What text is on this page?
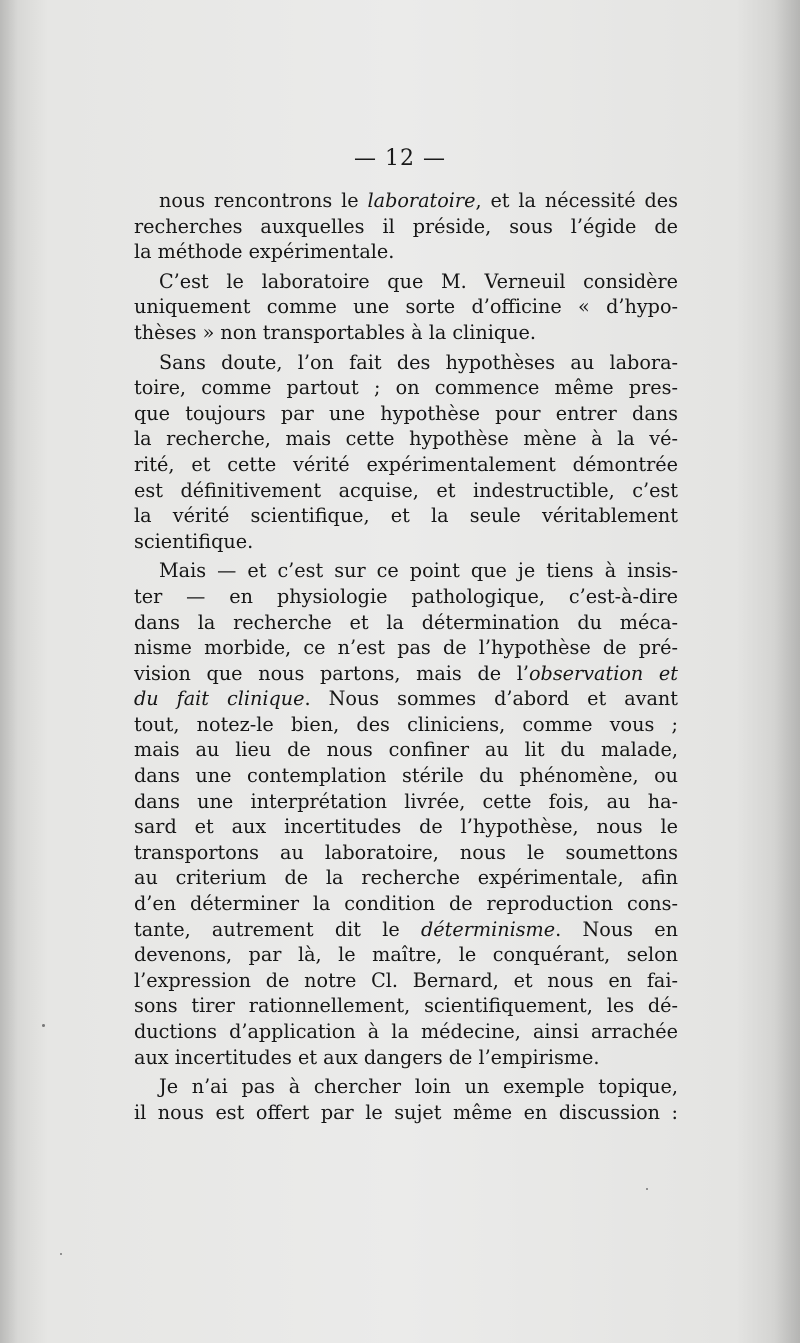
— 12 —
nous rencontrons le laboratoire, et la nécessité des
recherches auxquelles il préside, sous l’égide de
la méthode expérimentale.
C’est le laboratoire que M. Verneuil considère
uniquement comme une sorte d’officine « d’hypo-
thèses » non transportables à la clinique.
Sans doute, l’on fait des hypothèses au labora-
toire, comme partout ; on commence même pres-
que toujours par une hypothèse pour entrer dans
la recherche, mais cette hypothèse mène à la vé-
rité, et cette vérité expérimentalement démontrée
est définitivement acquise, et indestructible, c’est
la vérité scientifique, et la seule véritablement
scientifique.
Mais — et c’est sur ce point que je tiens à insis-
ter — en physiologie pathologique, c’est-à-dire
dans la recherche et la détermination du méca-
nisme morbide, ce n’est pas de l’hypothèse de pré-
vision que nous partons, mais de l’observation et
du fait clinique. Nous sommes d’abord et avant
tout, notez-le bien, des cliniciens, comme vous ;
mais au lieu de nous confiner au lit du malade,
dans une contemplation stérile du phénomène, ou
dans une interprétation livrée, cette fois, au ha-
sard et aux incertitudes de l’hypothèse, nous le
transportons au laboratoire, nous le soumettons
au criterium de la recherche expérimentale, afin
d’en déterminer la condition de reproduction cons-
tante, autrement dit le déterminisme. Nous en
devenons, par là, le maître, le conquérant, selon
l’expression de notre Cl. Bernard, et nous en fai-
sons tirer rationnellement, scientifiquement, les dé-
ductions d’application à la médecine, ainsi arrachée
aux incertitudes et aux dangers de l’empirisme.
Je n’ai pas à chercher loin un exemple topique,
il nous est offert par le sujet même en discussion :
